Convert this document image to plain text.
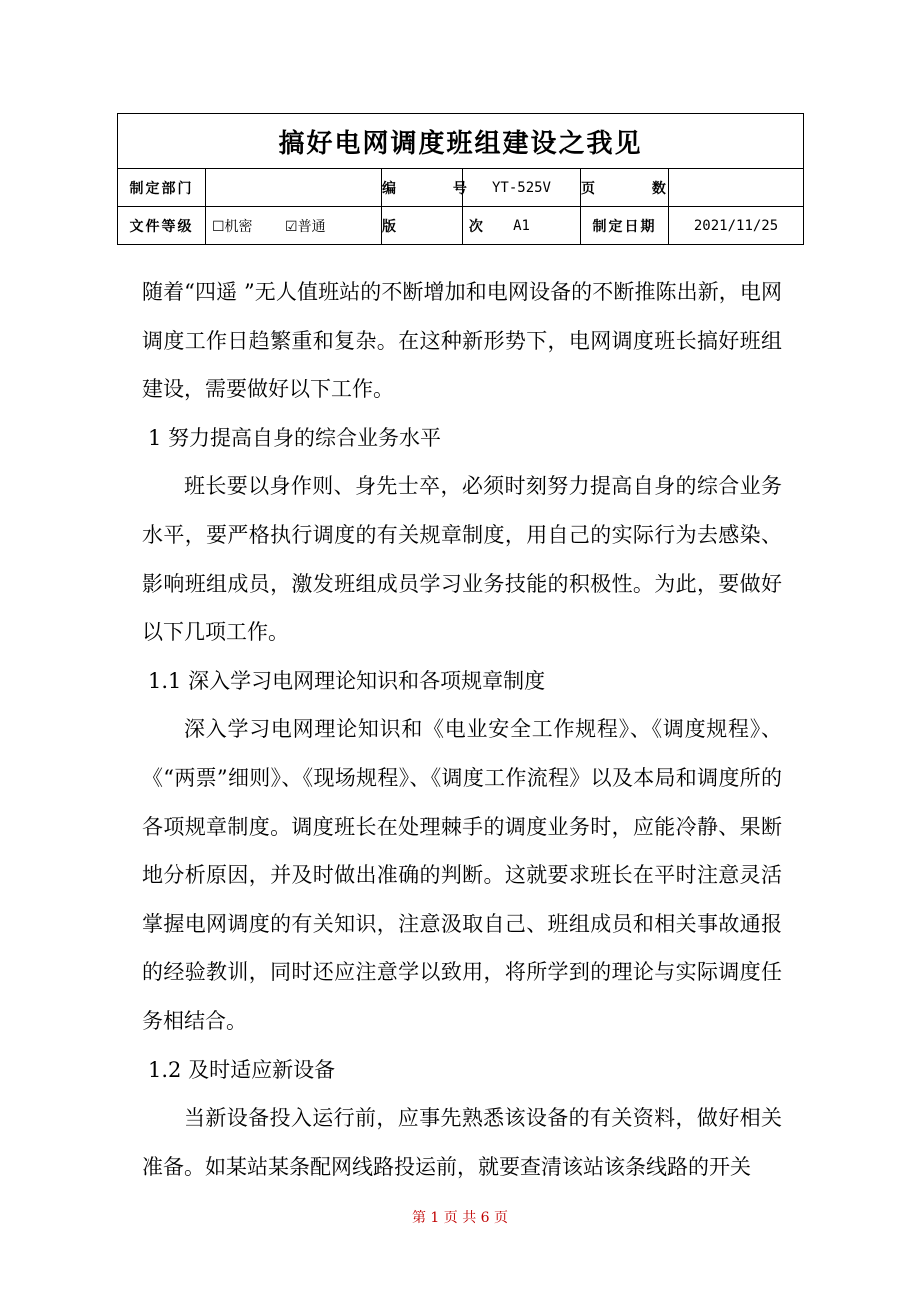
搞好电网调度班组建设之我见					
制定部门		编 号	YT-525V	页 数	
文件等级	☐机密 ☑普通	版 次	A1	制定日期	2021/11/25

随着“四遥 ”无人值班站的不断增加和电网设备的不断推陈出新，电网调度工作日趋繁重和复杂。在这种新形势下，电网调度班长搞好班组建设，需要做好以下工作。

1 努力提高自身的综合业务水平

班长要以身作则、身先士卒，必须时刻努力提高自身的综合业务水平，要严格执行调度的有关规章制度，用自己的实际行为去感染、影响班组成员，激发班组成员学习业务技能的积极性。为此，要做好以下几项工作。

1.1 深入学习电网理论知识和各项规章制度

深入学习电网理论知识和《电业安全工作规程》、《调度规程》、《“两票”细则》、《现场规程》、《调度工作流程》以及本局和调度所的各项规章制度。调度班长在处理棘手的调度业务时，应能冷静、果断地分析原因，并及时做出准确的判断。这就要求班长在平时注意灵活掌握电网调度的有关知识，注意汲取自己、班组成员和相关事故通报的经验教训，同时还应注意学以致用，将所学到的理论与实际调度任务相结合。

1.2 及时适应新设备

当新设备投入运行前，应事先熟悉该设备的有关资料，做好相关准备。如某站某条配网线路投运前，就要查清该站该条线路的开关

第 1 页 共 6 页
